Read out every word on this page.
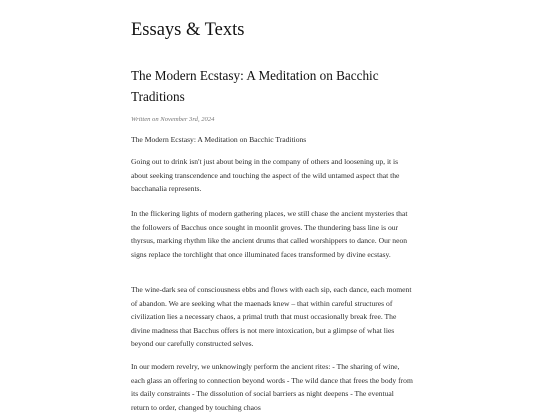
Essays & Texts
The Modern Ecstasy: A Meditation on Bacchic Traditions
Written on November 3rd, 2024

The Modern Ecstasy: A Meditation on Bacchic Traditions

Going out to drink isn't just about being in the company of others and loosening up, it is about seeking transcendence and touching the aspect of the wild untamed aspect that the bacchanalia represents.

In the flickering lights of modern gathering places, we still chase the ancient mysteries that the followers of Bacchus once sought in moonlit groves. The thundering bass line is our thyrsus, marking rhythm like the ancient drums that called worshippers to dance. Our neon signs replace the torchlight that once illuminated faces transformed by divine ecstasy.

The wine-dark sea of consciousness ebbs and flows with each sip, each dance, each moment of abandon. We are seeking what the maenads knew – that within careful structures of civilization lies a necessary chaos, a primal truth that must occasionally break free. The divine madness that Bacchus offers is not mere intoxication, but a glimpse of what lies beyond our carefully constructed selves.

In our modern revelry, we unknowingly perform the ancient rites: - The sharing of wine, each glass an offering to connection beyond words - The wild dance that frees the body from its daily constraints - The dissolution of social barriers as night deepens - The eventual return to order, changed by touching chaos
